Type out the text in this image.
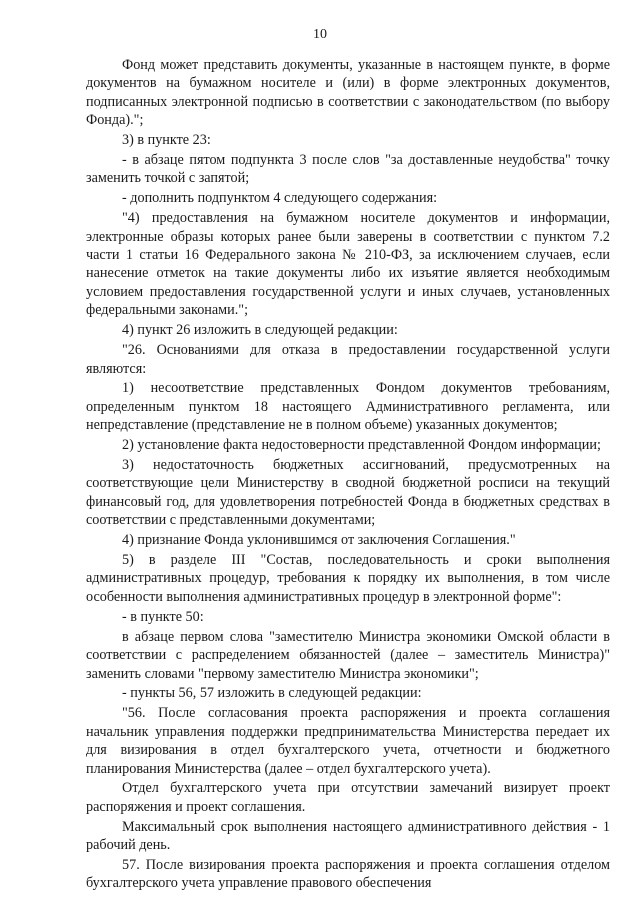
10

Фонд может представить документы, указанные в настоящем пункте, в форме документов на бумажном носителе и (или) в форме электронных документов, подписанных электронной подписью в соответствии с законодательством (по выбору Фонда).";

3) в пункте 23:

- в абзаце пятом подпункта 3 после слов "за доставленные неудобства" точку заменить точкой с запятой;

- дополнить подпунктом 4 следующего содержания:

"4) предоставления на бумажном носителе документов и информации, электронные образы которых ранее были заверены в соответствии с пунктом 7.2 части 1 статьи 16 Федерального закона № 210-ФЗ, за исключением случаев, если нанесение отметок на такие документы либо их изъятие является необходимым условием предоставления государственной услуги и иных случаев, установленных федеральными законами.";

4) пункт 26 изложить в следующей редакции:

"26. Основаниями для отказа в предоставлении государственной услуги являются:

1) несоответствие представленных Фондом документов требованиям, определенным пунктом 18 настоящего Административного регламента, или непредставление (представление не в полном объеме) указанных документов;

2) установление факта недостоверности представленной Фондом информации;

3) недостаточность бюджетных ассигнований, предусмотренных на соответствующие цели Министерству в сводной бюджетной росписи на текущий финансовый год, для удовлетворения потребностей Фонда в бюджетных средствах в соответствии с представленными документами;

4) признание Фонда уклонившимся от заключения Соглашения."

5) в разделе III "Состав, последовательность и сроки выполнения административных процедур, требования к порядку их выполнения, в том числе особенности выполнения административных процедур в электронной форме":

- в пункте 50:

в абзаце первом слова "заместителю Министра экономики Омской области в соответствии с распределением обязанностей (далее – заместитель Министра)" заменить словами "первому заместителю Министра экономики";

- пункты 56, 57 изложить в следующей редакции:

"56. После согласования проекта распоряжения и проекта соглашения начальник управления поддержки предпринимательства Министерства передает их для визирования в отдел бухгалтерского учета, отчетности и бюджетного планирования Министерства (далее – отдел бухгалтерского учета).

Отдел бухгалтерского учета при отсутствии замечаний визирует проект распоряжения и проект соглашения.

Максимальный срок выполнения настоящего административного действия - 1 рабочий день.

57. После визирования проекта распоряжения и проекта соглашения отделом бухгалтерского учета управление правового обеспечения
